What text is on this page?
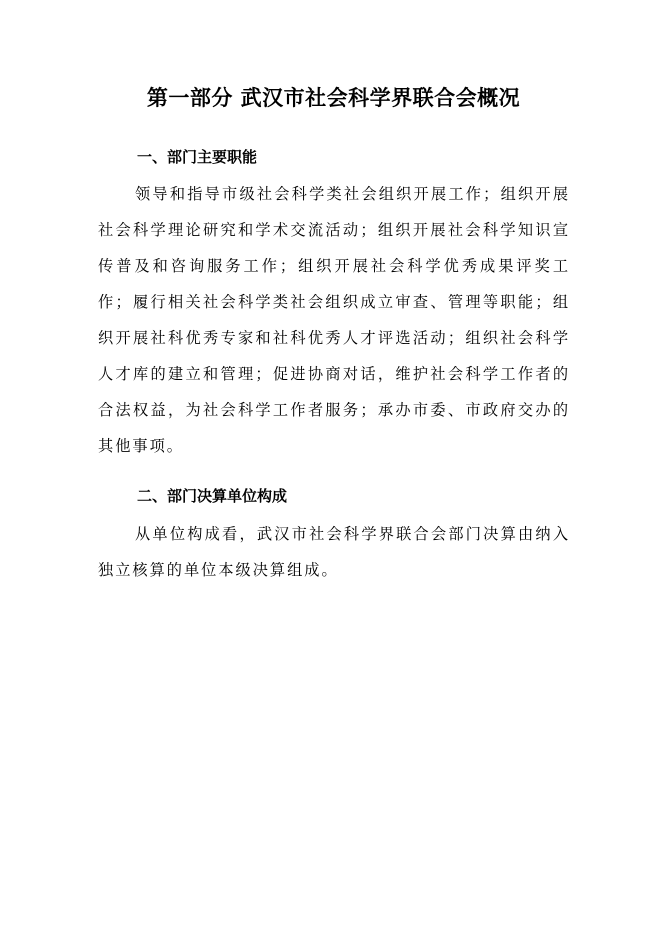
第一部分 武汉市社会科学界联合会概况
一、部门主要职能

领导和指导市级社会科学类社会组织开展工作；组织开展社会科学理论研究和学术交流活动；组织开展社会科学知识宣传普及和咨询服务工作；组织开展社会科学优秀成果评奖工作；履行相关社会科学类社会组织成立审查、管理等职能；组织开展社科优秀专家和社科优秀人才评选活动；组织社会科学人才库的建立和管理；促进协商对话，维护社会科学工作者的合法权益，为社会科学工作者服务；承办市委、市政府交办的其他事项。

二、部门决算单位构成

从单位构成看，武汉市社会科学界联合会部门决算由纳入独立核算的单位本级决算组成。
